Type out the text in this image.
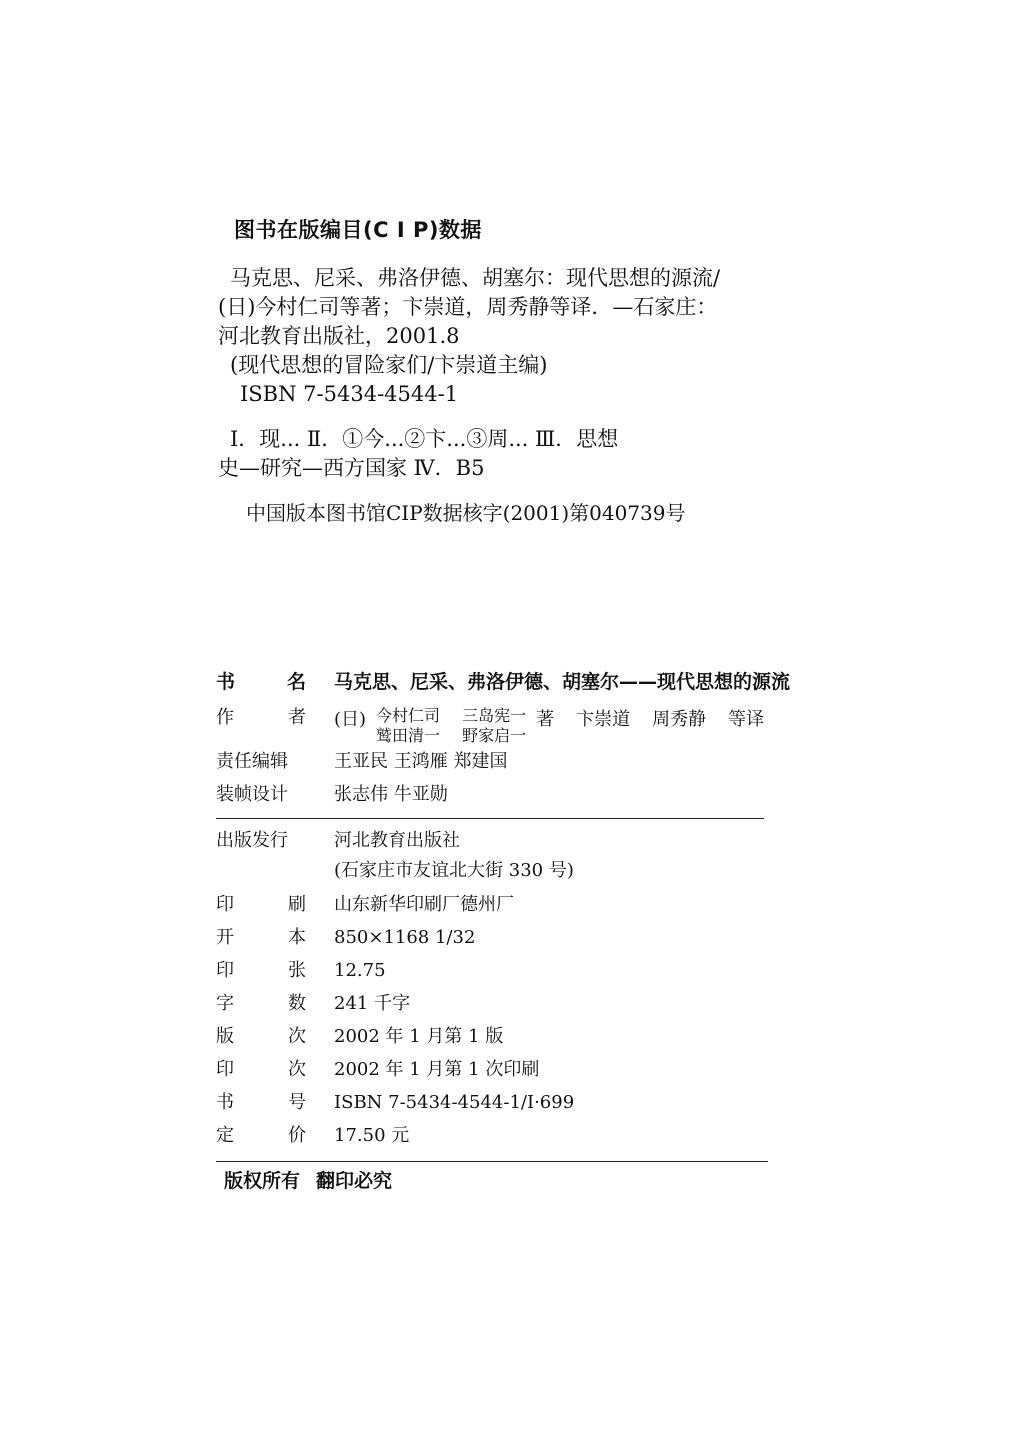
图书在版编目(C I P)数据
马克思、尼采、弗洛伊德、胡塞尔：现代思想的源流/
(日)今村仁司等著；卞崇道，周秀静等译．—石家庄：
河北教育出版社，2001.8
(现代思想的冒险家们/卞崇道主编)
ISBN 7-5434-4544-1
Ⅰ．现... Ⅱ．①今...②卞...③周... Ⅲ．思想
史—研究—西方国家 Ⅳ．B5
中国版本图书馆CIP数据核字(2001)第040739号
书	名 马克思、尼采、弗洛伊德、胡塞尔——现代思想的源流
作	者 (日) 今村仁司 三岛宪一
鹫田清一 野家启一
著 卞崇道 周秀静 等译
责任编辑	王亚民 王鸿雁 郑建国
装帧设计	张志伟 牛亚勋
出版发行	河北教育出版社
(石家庄市友谊北大街 330 号)
印	刷 山东新华印刷厂德州厂
开	本 850×1168 1/32
印	张 12.75
字	数 241 千字
版	次 2002 年 1 月第 1 版
印	次 2002 年 1 月第 1 次印刷
书	号 ISBN 7-5434-4544-1/I·699
定	价 17.50 元
版权所有 翻印必究
